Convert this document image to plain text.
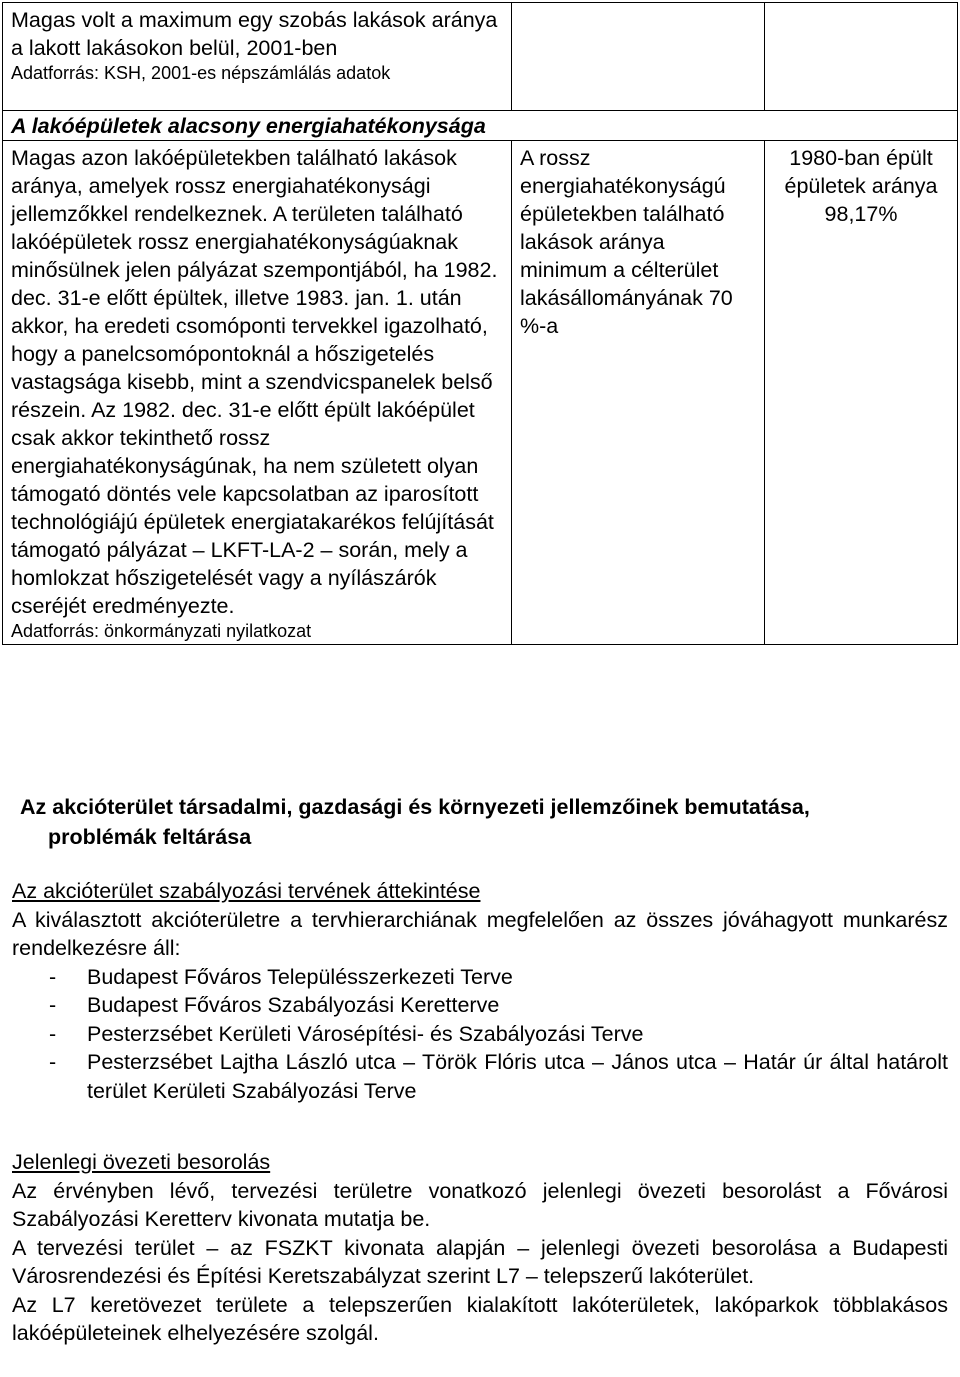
Magas volt a maximum egy szobás lakások aránya a lakott lakásokon belül, 2001-ben
Adatforrás: KSH, 2001-es népszámlálás adatok		

A lakóépületek alacsony energiahatékonysága		

Magas azon lakóépületekben található lakások aránya, amelyek rossz energiahatékonysági jellemzőkkel rendelkeznek. A területen található lakóépületek rossz energiahatékonyságúaknak minősülnek jelen pályázat szempontjából, ha 1982. dec. 31-e előtt épültek, illetve 1983. jan. 1. után akkor, ha eredeti csomóponti tervekkel igazolható, hogy a panelcsomópontoknál a hőszigetelés vastagsága kisebb, mint a szendvicspanelek belső részein. Az 1982. dec. 31-e előtt épült lakóépület csak akkor tekinthető rossz energiahatékonyságúnak, ha nem született olyan támogató döntés vele kapcsolatban az iparosított technológiájú épületek energiatakarékos felújítását támogató pályázat – LKFT-LA-2 – során, mely a homlokzat hőszigetelését vagy a nyílászárók cseréjét eredményezte.
Adatforrás: önkormányzati nyilatkozat	A rossz energiahatékonyságú épületekben található lakások aránya minimum a célterület lakásállományának 70 %-a	1980-ban épült épületek aránya 98,17%
Az akcióterület társadalmi, gazdasági és környezeti jellemzőinek bemutatása,
problémák feltárása
Az akcióterület szabályozási tervének áttekintése
A kiválasztott akcióterületre a tervhierarchiának megfelelően az összes jóváhagyott munkarész rendelkezésre áll:
- Budapest Főváros Településszerkezeti Terve
- Budapest Főváros Szabályozási Keretterve
- Pesterzsébet Kerületi Városépítési- és Szabályozási Terve
- Pesterzsébet Lajtha László utca – Török Flóris utca – János utca – Határ úr által határolt terület Kerületi Szabályozási Terve
Jelenlegi övezeti besorolás
Az érvényben lévő, tervezési területre vonatkozó jelenlegi övezeti besorolást a Fővárosi Szabályozási Keretterv kivonata mutatja be.
A tervezési terület – az FSZKT kivonata alapján – jelenlegi övezeti besorolása a Budapesti Városrendezési és Építési Keretszabályzat szerint L7 – telepszerű lakóterület.
Az L7 keretövezet területe a telepszerűen kialakított lakóterületek, lakóparkok többlakásos lakóépületeinek elhelyezésére szolgál.
